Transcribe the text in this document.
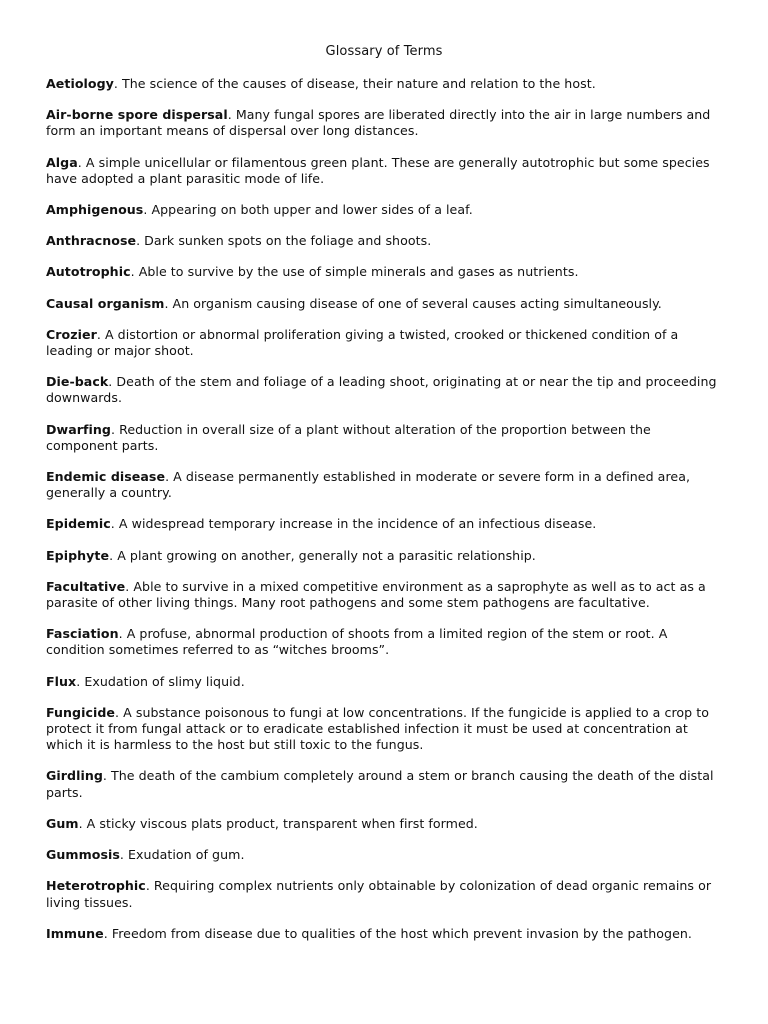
Glossary of Terms

Aetiology. The science of the causes of disease, their nature and relation to the host.

Air-borne spore dispersal. Many fungal spores are liberated directly into the air in large numbers and form an important means of dispersal over long distances.

Alga. A simple unicellular or filamentous green plant. These are generally autotrophic but some species have adopted a plant parasitic mode of life.

Amphigenous. Appearing on both upper and lower sides of a leaf.

Anthracnose. Dark sunken spots on the foliage and shoots.

Autotrophic. Able to survive by the use of simple minerals and gases as nutrients.

Causal organism. An organism causing disease of one of several causes acting simultaneously.

Crozier. A distortion or abnormal proliferation giving a twisted, crooked or thickened condition of a leading or major shoot.

Die-back. Death of the stem and foliage of a leading shoot, originating at or near the tip and proceeding downwards.

Dwarfing. Reduction in overall size of a plant without alteration of the proportion between the component parts.

Endemic disease. A disease permanently established in moderate or severe form in a defined area, generally a country.

Epidemic. A widespread temporary increase in the incidence of an infectious disease.

Epiphyte. A plant growing on another, generally not a parasitic relationship.

Facultative. Able to survive in a mixed competitive environment as a saprophyte as well as to act as a parasite of other living things. Many root pathogens and some stem pathogens are facultative.

Fasciation. A profuse, abnormal production of shoots from a limited region of the stem or root. A condition sometimes referred to as “witches brooms”.

Flux. Exudation of slimy liquid.

Fungicide. A substance poisonous to fungi at low concentrations. If the fungicide is applied to a crop to protect it from fungal attack or to eradicate established infection it must be used at concentration at which it is harmless to the host but still toxic to the fungus.

Girdling. The death of the cambium completely around a stem or branch causing the death of the distal parts.

Gum. A sticky viscous plats product, transparent when first formed.

Gummosis. Exudation of gum.

Heterotrophic. Requiring complex nutrients only obtainable by colonization of dead organic remains or living tissues.

Immune. Freedom from disease due to qualities of the host which prevent invasion by the pathogen.
